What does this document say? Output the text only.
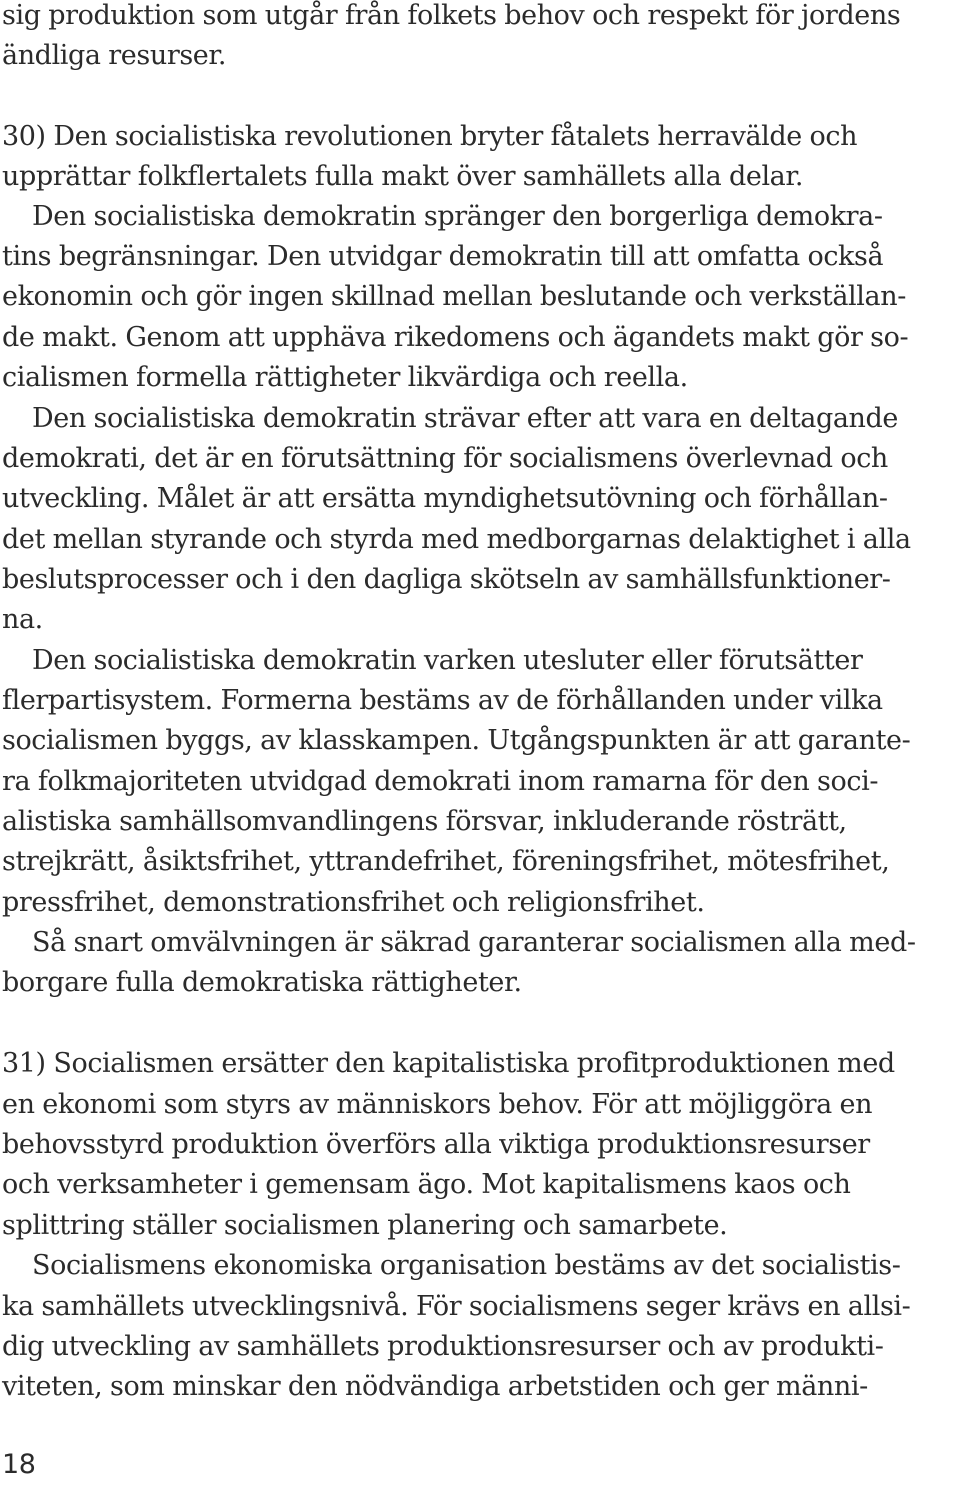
sig produktion som utgår från folkets behov och respekt för jordens
ändliga resurser.
30) Den socialistiska revolutionen bryter fåtalets herravälde och
upprättar folkflertalets fulla makt över samhällets alla delar.
Den socialistiska demokratin spränger den borgerliga demokra-
tins begränsningar. Den utvidgar demokratin till att omfatta också
ekonomin och gör ingen skillnad mellan beslutande och verkställan-
de makt. Genom att upphäva rikedomens och ägandets makt gör so-
cialismen formella rättigheter likvärdiga och reella.
Den socialistiska demokratin strävar efter att vara en deltagande
demokrati, det är en förutsättning för socialismens överlevnad och
utveckling. Målet är att ersätta myndighetsutövning och förhållan-
det mellan styrande och styrda med medborgarnas delaktighet i alla
beslutsprocesser och i den dagliga skötseln av samhällsfunktioner-
na.
Den socialistiska demokratin varken utesluter eller förutsätter
flerpartisystem. Formerna bestäms av de förhållanden under vilka
socialismen byggs, av klasskampen. Utgångspunkten är att garante-
ra folkmajoriteten utvidgad demokrati inom ramarna för den soci-
alistiska samhällsomvandlingens försvar, inkluderande rösträtt,
strejkrätt, åsiktsfrihet, yttrandefrihet, föreningsfrihet, mötesfrihet,
pressfrihet, demonstrationsfrihet och religionsfrihet.
Så snart omvälvningen är säkrad garanterar socialismen alla med-
borgare fulla demokratiska rättigheter.
31) Socialismen ersätter den kapitalistiska profitproduktionen med
en ekonomi som styrs av människors behov. För att möjliggöra en
behovsstyrd produktion överförs alla viktiga produktionsresurser
och verksamheter i gemensam ägo. Mot kapitalismens kaos och
splittring ställer socialismen planering och samarbete.
Socialismens ekonomiska organisation bestäms av det socialistis-
ka samhällets utvecklingsnivå. För socialismens seger krävs en allsi-
dig utveckling av samhällets produktionsresurser och av produkti-
viteten, som minskar den nödvändiga arbetstiden och ger männi-
18
